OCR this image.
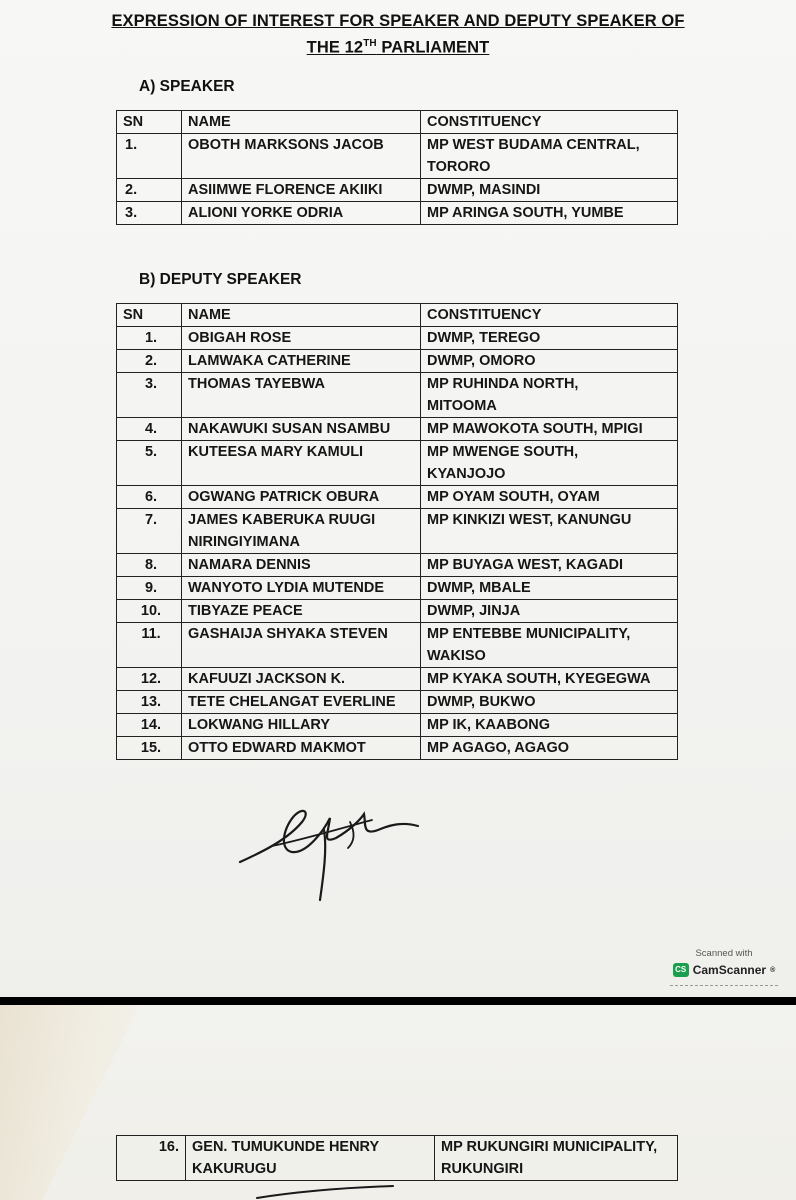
EXPRESSION OF INTEREST FOR SPEAKER AND DEPUTY SPEAKER OF
THE 12TH PARLIAMENT
A) SPEAKER
SN	NAME	CONSTITUENCY
1.	OBOTH MARKSONS JACOB	MP WEST BUDAMA CENTRAL,
TORORO
2.	ASIIMWE FLORENCE AKIIKI	DWMP, MASINDI
3.	ALIONI YORKE ODRIA	MP ARINGA SOUTH, YUMBE
B) DEPUTY SPEAKER
SN	NAME	CONSTITUENCY
1.	OBIGAH ROSE	DWMP, TEREGO
2.	LAMWAKA CATHERINE	DWMP, OMORO
3.	THOMAS TAYEBWA	MP RUHINDA NORTH,
MITOOMA
4.	NAKAWUKI SUSAN NSAMBU	MP MAWOKOTA SOUTH, MPIGI
5.	KUTEESA MARY KAMULI	MP MWENGE SOUTH,
KYANJOJO
6.	OGWANG PATRICK OBURA	MP OYAM SOUTH, OYAM
7.	JAMES KABERUKA RUUGI
NIRINGIYIMANA	MP KINKIZI WEST, KANUNGU
8.	NAMARA DENNIS	MP BUYAGA WEST, KAGADI
9.	WANYOTO LYDIA MUTENDE	DWMP, MBALE
10.	TIBYAZE PEACE	DWMP, JINJA
11.	GASHAIJA SHYAKA STEVEN	MP ENTEBBE MUNICIPALITY,
WAKISO
12.	KAFUUZI JACKSON K.	MP KYAKA SOUTH, KYEGEGWA
13.	TETE CHELANGAT EVERLINE	DWMP, BUKWO
14.	LOKWANG HILLARY	MP IK, KAABONG
15.	OTTO EDWARD MAKMOT	MP AGAGO, AGAGO
Scanned with
CS CamScanner ®
16.	GEN. TUMUKUNDE HENRY
KAKURUGU	MP RUKUNGIRI MUNICIPALITY,
RUKUNGIRI
